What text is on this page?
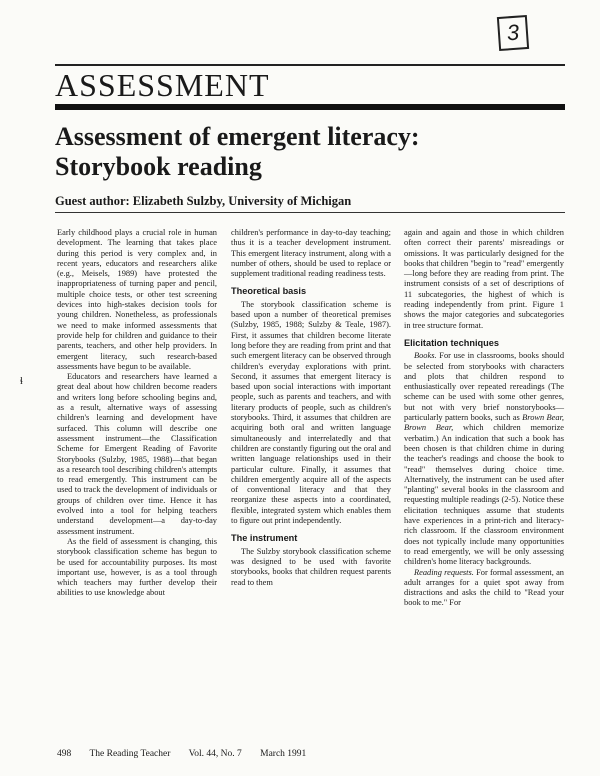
3
ɬ
ASSESSMENT
Assessment of emergent literacy:
Storybook reading
Guest author: Elizabeth Sulzby, University of Michigan

Early childhood plays a crucial role in human development. The learning that takes place during this period is very complex and, in recent years, educators and researchers alike (e.g., Meisels, 1989) have protested the inappropriateness of turning paper and pencil, multiple choice tests, or other test screening devices into high-stakes decision tools for young children. Nonetheless, as professionals we need to make informed assessments that provide help for children and guidance to their parents, teachers, and other help providers. In emergent literacy, such research-based assessments have begun to be available.

Educators and researchers have learned a great deal about how children become readers and writers long before schooling begins and, as a result, alternative ways of assessing children's learning and development have surfaced. This column will describe one assessment instrument—the Classification Scheme for Emergent Reading of Favorite Storybooks (Sulzby, 1985, 1988)—that began as a research tool describing children's attempts to read emergently. This instrument can be used to track the development of individuals or groups of children over time. Hence it has evolved into a tool for helping teachers understand development—a day-to-day assessment instrument.

As the field of assessment is changing, this storybook classification scheme has begun to be used for accountability purposes. Its most important use, however, is as a tool through which teachers may further develop their abilities to use knowledge about

children's performance in day-to-day teaching; thus it is a teacher development instrument. This emergent literacy instrument, along with a number of others, should be used to replace or supplement traditional reading readiness tests.

Theoretical basis

The storybook classification scheme is based upon a number of theoretical premises (Sulzby, 1985, 1988; Sulzby & Teale, 1987). First, it assumes that children become literate long before they are reading from print and that such emergent literacy can be observed through children's everyday explorations with print. Second, it assumes that emergent literacy is based upon social interactions with important people, such as parents and teachers, and with literary products of people, such as children's storybooks. Third, it assumes that children are acquiring both oral and written language simultaneously and interrelatedly and that children are constantly figuring out the oral and written language relationships used in their particular culture. Finally, it assumes that children emergently acquire all of the aspects of conventional literacy and that they reorganize these aspects into a coordinated, flexible, integrated system which enables them to figure out print independently.

The instrument

The Sulzby storybook classification scheme was designed to be used with favorite storybooks, books that children request parents read to them

again and again and those in which children often correct their parents' misreadings or omissions. It was particularly designed for the books that children "begin to "read" emergently—long before they are reading from print. The instrument consists of a set of descriptions of 11 subcategories, the highest of which is reading independently from print. Figure 1 shows the major categories and subcategories in tree structure format.

Elicitation techniques

Books. For use in classrooms, books should be selected from storybooks with characters and plots that children respond to enthusiastically over repeated rereadings (The scheme can be used with some other genres, but not with very brief nonstorybooks—particularly pattern books, such as Brown Bear, Brown Bear, which children memorize verbatim.) An indication that such a book has been chosen is that children chime in during the teacher's readings and choose the book to "read" themselves during choice time. Alternatively, the instrument can be used after "planting" several books in the classroom and requesting multiple readings (2-5). Notice these elicitation techniques assume that students have experiences in a print-rich and literacy-rich classroom. If the classroom environment does not typically include many opportunities to read emergently, we will be only assessing children's home literacy backgrounds.

Reading requests. For formal assessment, an adult arranges for a quiet spot away from distractions and asks the child to "Read your book to me." For

498 The Reading Teacher Vol. 44, No. 7 March 1991
